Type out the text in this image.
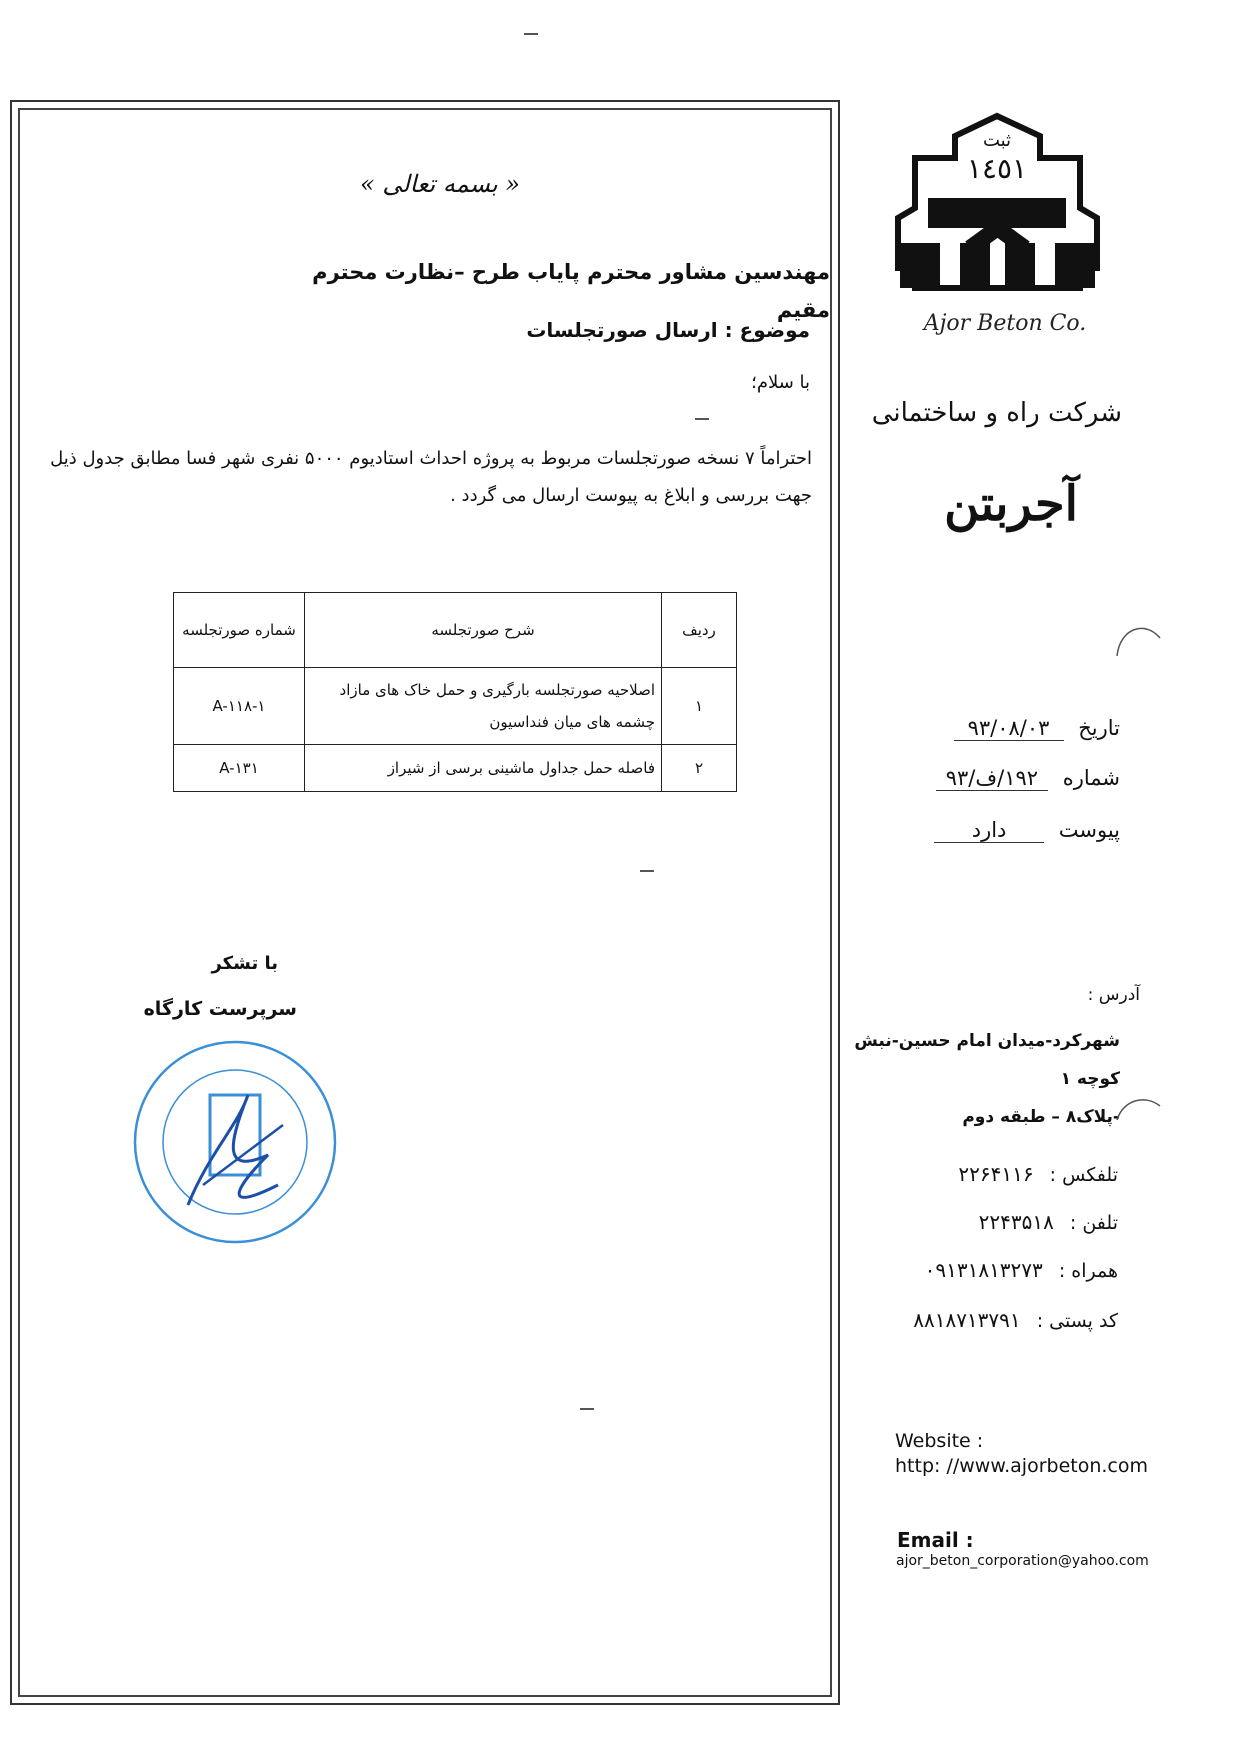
« بسمه تعالی »
مهندسین مشاور محترم پایاب طرح –نظارت محترم مقیم
موضوع : ارسال صورتجلسات
با سلام؛
احتراماً ۷ نسخه صورتجلسات مربوط به پروژه احداث استادیوم ۵۰۰۰ نفری شهر فسا مطابق جدول ذیل جهت بررسی و ابلاغ به پیوست ارسال می گردد .
ردیف	شرح صورتجلسه	شماره صورتجلسه
۱	اصلاحیه صورتجلسه بارگیری و حمل خاک های مازاد چشمه های میان فنداسیون	A-۱۱۸-۱
۲	فاصله حمل جداول ماشینی برسی از شیراز	A-۱۳۱
با تشکر
سرپرست کارگاه
ثبت
١٤٥١
Ajor Beton Co.
شرکت راه و ساختمانی
آجربتن
تاریخ ۹۳/۰۸/۰۳
شماره ۱۹۲/ف/۹۳
پیوست دارد
آدرس :
شهرکرد-میدان امام حسین-نبش کوچه ۱
-پلاک۸ – طبقه دوم
تلفکس : ۲۲۶۴۱۱۶
تلفن : ۲۲۴۳۵۱۸
همراه : ۰۹۱۳۱۸۱۳۲۷۳
کد پستی : ۸۸۱۸۷۱۳۷۹۱
Website :
http: //www.ajorbeton.com
Email :
ajor_beton_corporation@yahoo.com
